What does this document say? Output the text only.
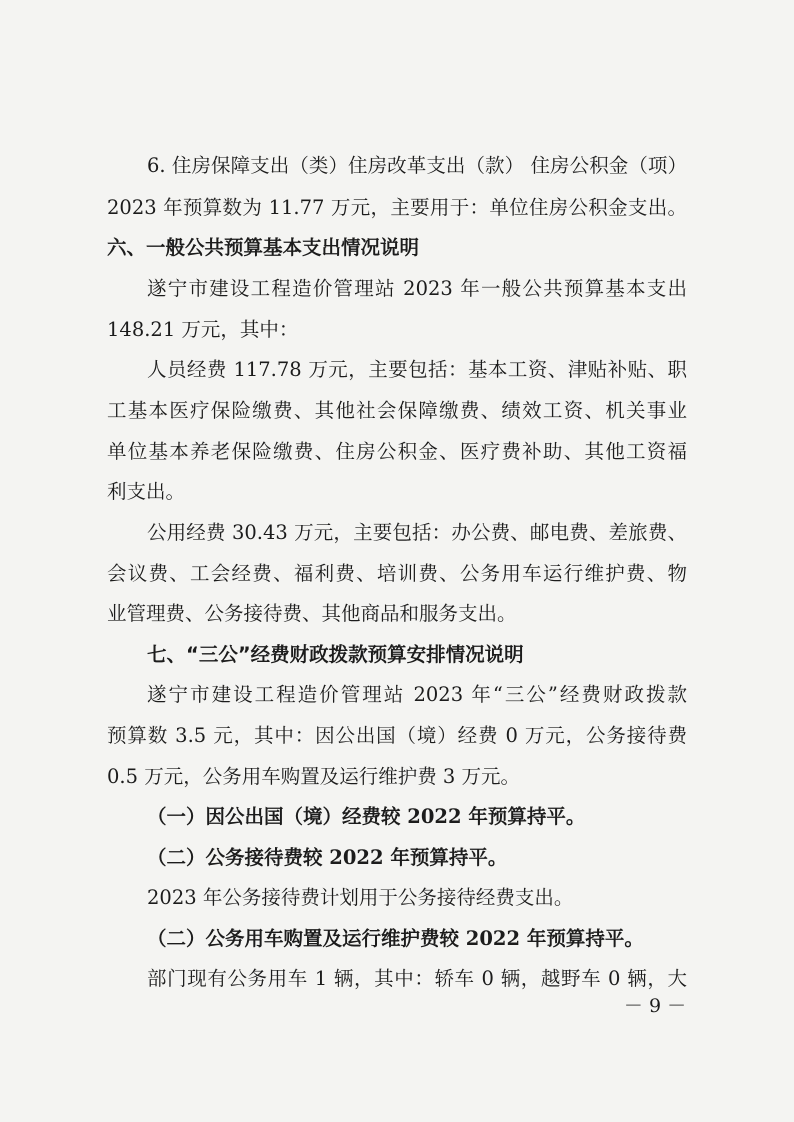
6. 住房保障支出（类）住房改革支出（款） 住房公积金（项）
2023 年预算数为 11.77 万元，主要用于：单位住房公积金支出。
六、一般公共预算基本支出情况说明
遂宁市建设工程造价管理站 2023 年一般公共预算基本支出
148.21 万元，其中：
人员经费 117.78 万元，主要包括：基本工资、津贴补贴、职
工基本医疗保险缴费、其他社会保障缴费、绩效工资、机关事业
单位基本养老保险缴费、住房公积金、医疗费补助、其他工资福
利支出。
公用经费 30.43 万元，主要包括：办公费、邮电费、差旅费、
会议费、工会经费、福利费、培训费、公务用车运行维护费、物
业管理费、公务接待费、其他商品和服务支出。
七、“三公”经费财政拨款预算安排情况说明
遂宁市建设工程造价管理站 2023 年“三公”经费财政拨款
预算数 3.5 元，其中：因公出国（境）经费 0 万元，公务接待费
0.5 万元，公务用车购置及运行维护费 3 万元。
（一）因公出国（境）经费较 2022 年预算持平。
（二）公务接待费较 2022 年预算持平。
2023 年公务接待费计划用于公务接待经费支出。
（二）公务用车购置及运行维护费较 2022 年预算持平。
部门现有公务用车 1 辆，其中：轿车 0 辆，越野车 0 辆，大
－ 9 －
